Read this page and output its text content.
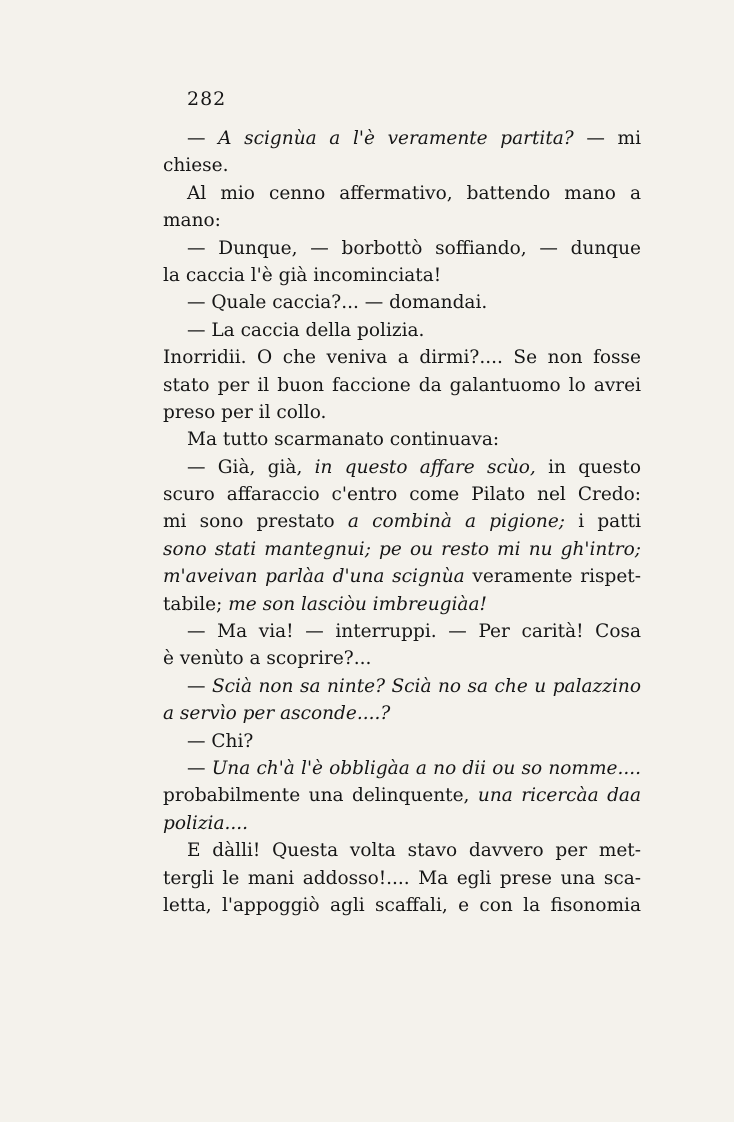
282
— A scignùa a l'è veramente partita? — mi
chiese.
Al mio cenno affermativo, battendo mano a
mano:
— Dunque, — borbottò soffiando, — dunque
la caccia l'è già incominciata!
— Quale caccia?... — domandai.
— La caccia della polizia.
Inorridii. O che veniva a dirmi?.... Se non fosse
stato per il buon faccione da galantuomo lo avrei
preso per il collo.
Ma tutto scarmanato continuava:
— Già, già, in questo affare scùo, in questo
scuro affaraccio c'entro come Pilato nel Credo:
mi sono prestato a combinà a pigione; i patti
sono stati mantegnui; pe ou resto mi nu gh'intro;
m'aveivan parlàa d'una scignùa veramente rispet-
tabile; me son lasciòu imbreugiàa!
— Ma via! — interruppi. — Per carità! Cosa
è venùto a scoprire?...
— Scià non sa ninte? Scià no sa che u palazzino
a servìo per asconde....?
— Chi?
— Una ch'à l'è obbligàa a no dii ou so nomme....
probabilmente una delinquente, una ricercàa daa
polizia....
E dàlli! Questa volta stavo davvero per met-
tergli le mani addosso!.... Ma egli prese una sca-
letta, l'appoggiò agli scaffali, e con la fisonomia
